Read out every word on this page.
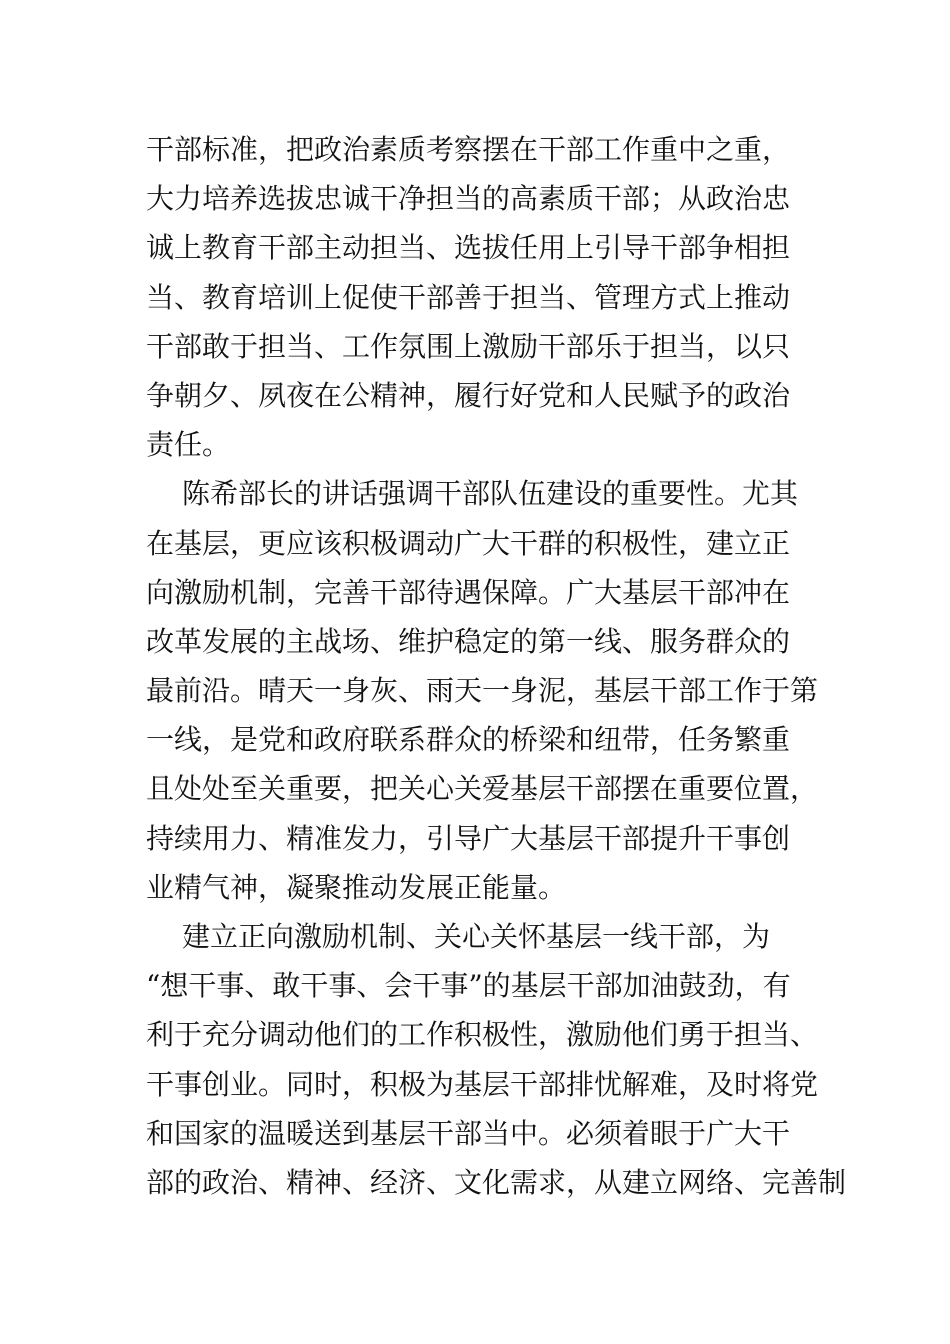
干部标准，把政治素质考察摆在干部工作重中之重，
大力培养选拔忠诚干净担当的高素质干部；从政治忠
诚上教育干部主动担当、选拔任用上引导干部争相担
当、教育培训上促使干部善于担当、管理方式上推动
干部敢于担当、工作氛围上激励干部乐于担当，以只
争朝夕、夙夜在公精神，履行好党和人民赋予的政治
责任。
陈希部长的讲话强调干部队伍建设的重要性。尤其
在基层，更应该积极调动广大干群的积极性，建立正
向激励机制，完善干部待遇保障。广大基层干部冲在
改革发展的主战场、维护稳定的第一线、服务群众的
最前沿。晴天一身灰、雨天一身泥，基层干部工作于第
一线，是党和政府联系群众的桥梁和纽带，任务繁重
且处处至关重要，把关心关爱基层干部摆在重要位置，
持续用力、精准发力，引导广大基层干部提升干事创
业精气神，凝聚推动发展正能量。
建立正向激励机制、关心关怀基层一线干部，为
“想干事、敢干事、会干事”的基层干部加油鼓劲，有
利于充分调动他们的工作积极性，激励他们勇于担当、
干事创业。同时，积极为基层干部排忧解难，及时将党
和国家的温暖送到基层干部当中。必须着眼于广大干
部的政治、精神、经济、文化需求，从建立网络、完善制
